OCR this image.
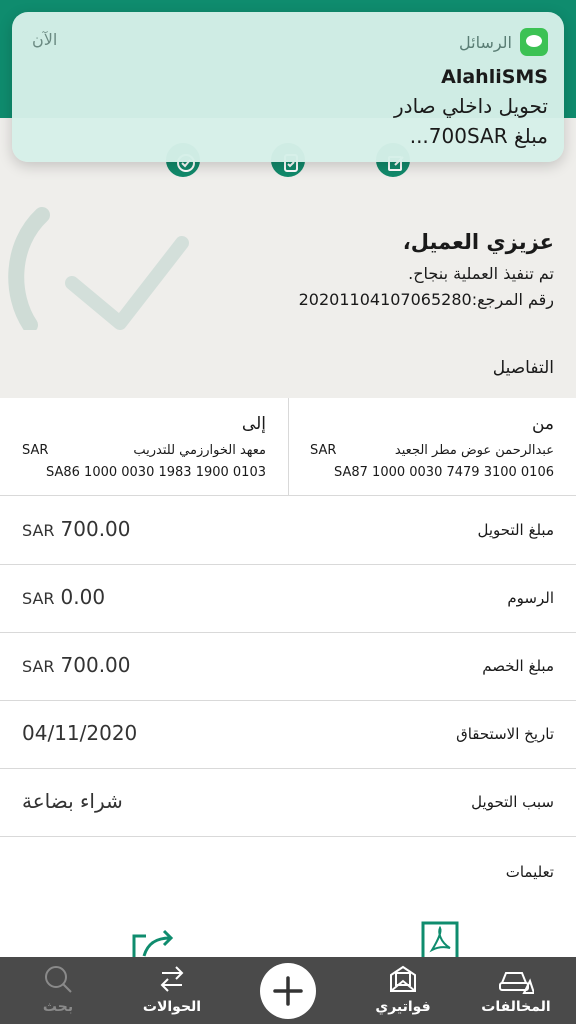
الرسائل
الآن
AlahliSMS
تحويل داخلي صادر
مبلغ 700SAR...
عزيزي العميل،
تم تنفيذ العملية بنجاح.
رقم المرجع:20201104107065280
التفاصيل
من
عبدالرحمن عوض مطر الجعيد
SAR
SA87 1000 0030 7479 3100 0106
إلى
معهد الخوارزمي للتدريب
SAR
SA86 1000 0030 1983 1900 0103
مبلغ التحويل
SAR 700.00
الرسوم
SAR 0.00
مبلغ الخصم
SAR 700.00
تاريخ الاستحقاق
04/11/2020
سبب التحويل
شراء بضاعة
تعليمات
المخالفات
فواتيري
الحوالات
بحث
